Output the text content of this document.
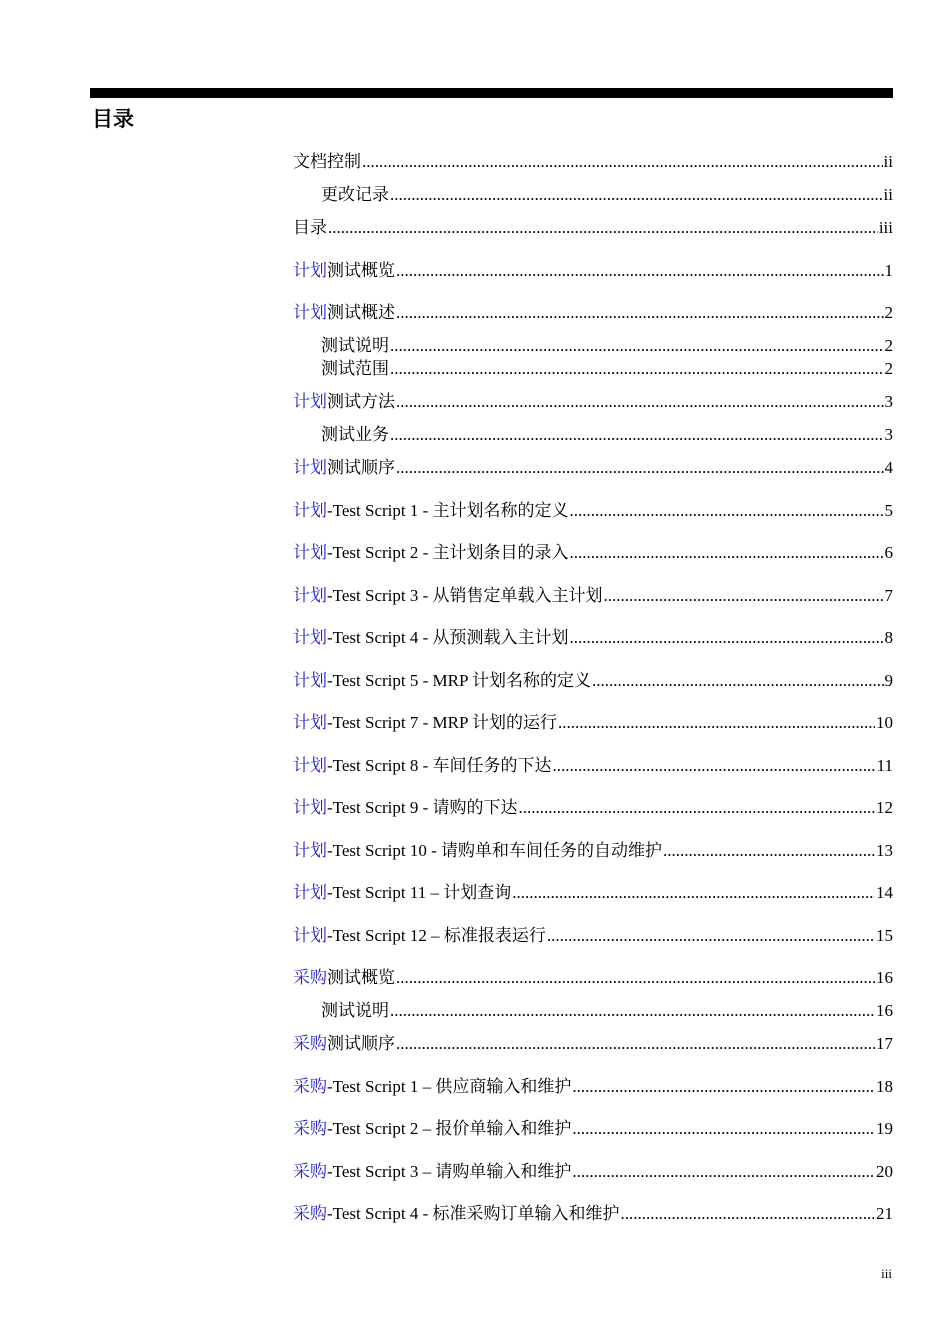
目录
文档控制 .....	ii
更改记录 .....	ii
目录 .....	iii
计划 测试概览 .....	1
计划 测试概述 .....	2
测试说明 .....	2
测试范围 .....	2
计划 测试方法 .....	3
测试业务 .....	3
计划 测试顺序 .....	4
计划 -Test Script 1 - 主计划名称的定义 .....	5
计划 -Test Script 2 - 主计划条目的录入 .....	6
计划 -Test Script 3 - 从销售定单载入主计划 .....	7
计划 -Test Script 4 - 从预测载入主计划 .....	8
计划 -Test Script 5 - MRP 计划名称的定义 .....	9
计划 -Test Script 7 - MRP 计划的运行 .....	10
计划 -Test Script 8 - 车间任务的下达 .....	11
计划 -Test Script 9 - 请购的下达 .....	12
计划 -Test Script 10 - 请购单和车间任务的自动维护 .....	13
计划 -Test Script 11 – 计划查询 .....	14
计划 -Test Script 12 – 标准报表运行 .....	15
采购 测试概览 .....	16
测试说明 .....	16
采购 测试顺序 .....	17
采购 -Test Script 1 – 供应商输入和维护 .....	18
采购 -Test Script 2 – 报价单输入和维护 .....	19
采购 -Test Script 3 – 请购单输入和维护 .....	20
采购 -Test Script 4 - 标准采购订单输入和维护 .....	21
iii
